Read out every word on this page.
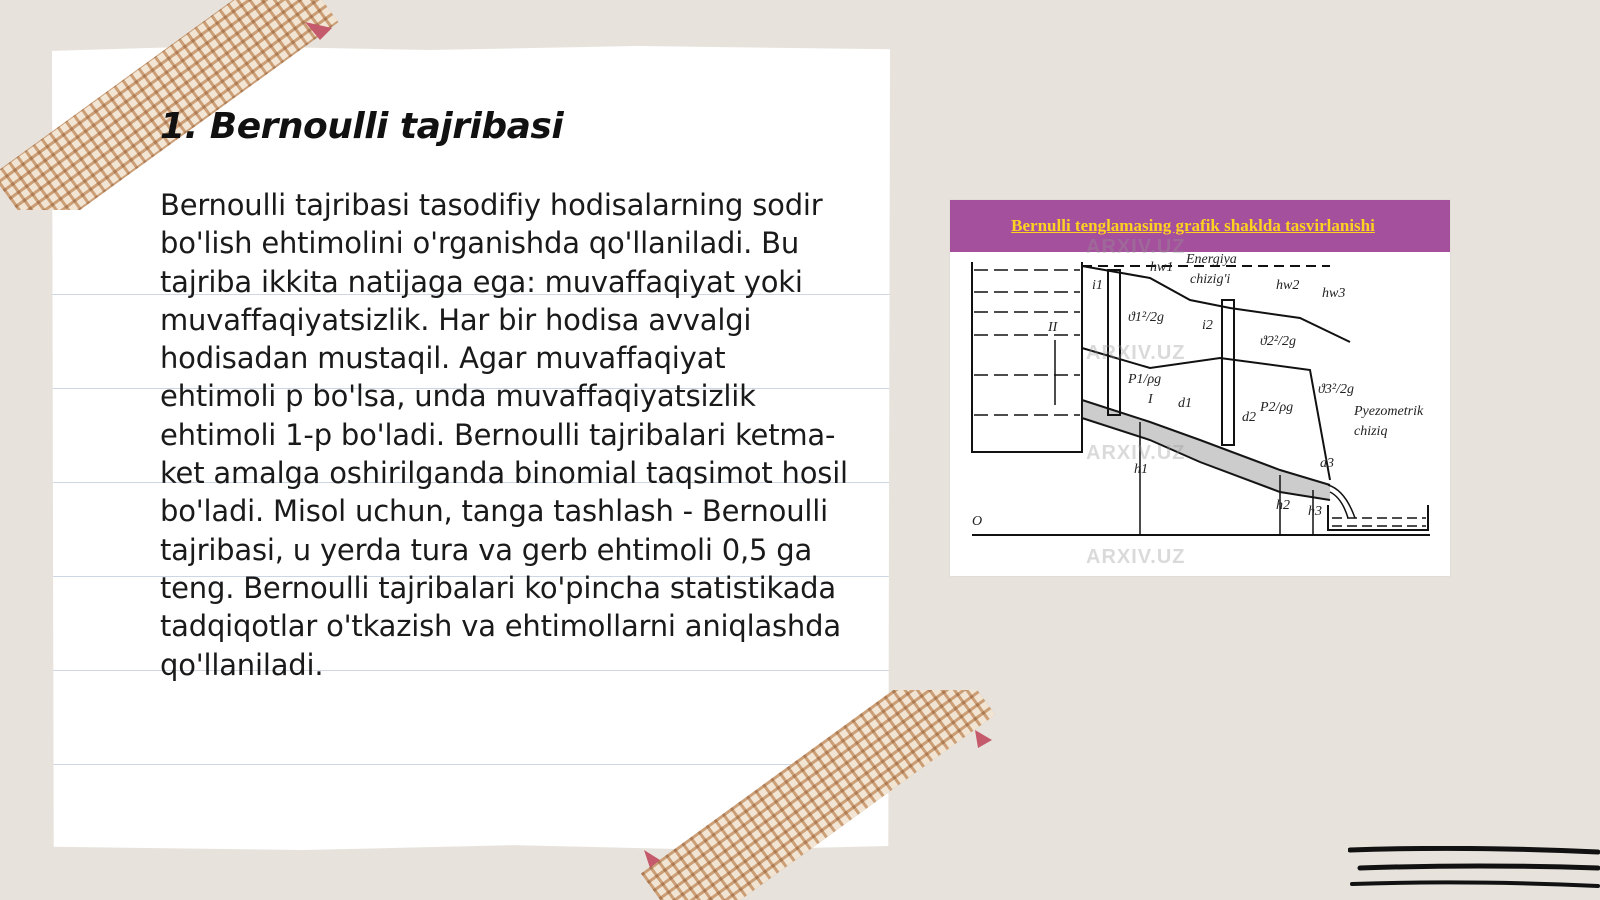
1. Bernoulli tajribasi

Bernoulli tajribasi tasodifiy hodisalarning sodir bo'lish ehtimolini o'rganishda qo'llaniladi. Bu tajriba ikkita natijaga ega: muvaffaqiyat yoki muvaffaqiyatsizlik. Har bir hodisa avvalgi hodisadan mustaqil. Agar muvaffaqiyat ehtimoli p bo'lsa, unda muvaffaqiyatsizlik ehtimoli 1-p bo'ladi. Bernoulli tajribalari ketma-ket amalga oshirilganda binomial taqsimot hosil bo'ladi. Misol uchun, tanga tashlash - Bernoulli tajribasi, u yerda tura va gerb ehtimoli 0,5 ga teng. Bernoulli tajribalari ko'pincha statistikada tadqiqotlar o'tkazish va ehtimollarni aniqlashda qo'llaniladi.

Bernulli tenglamasing grafik shaklda tasvirlanishi
hw1
Energiya
chizig'i	hw2
hw3
i1
i2
ϑ1²/2g
ϑ2²/2g
ϑ3²/2g
P1/ρg
P2/ρg	Pyezometrik
chiziq
II
I d1
d2
d3
h1
h2 h3
O
ARXIV.UZ
ARXIV.UZ
ARXIV.UZ
ARXIV.UZ
